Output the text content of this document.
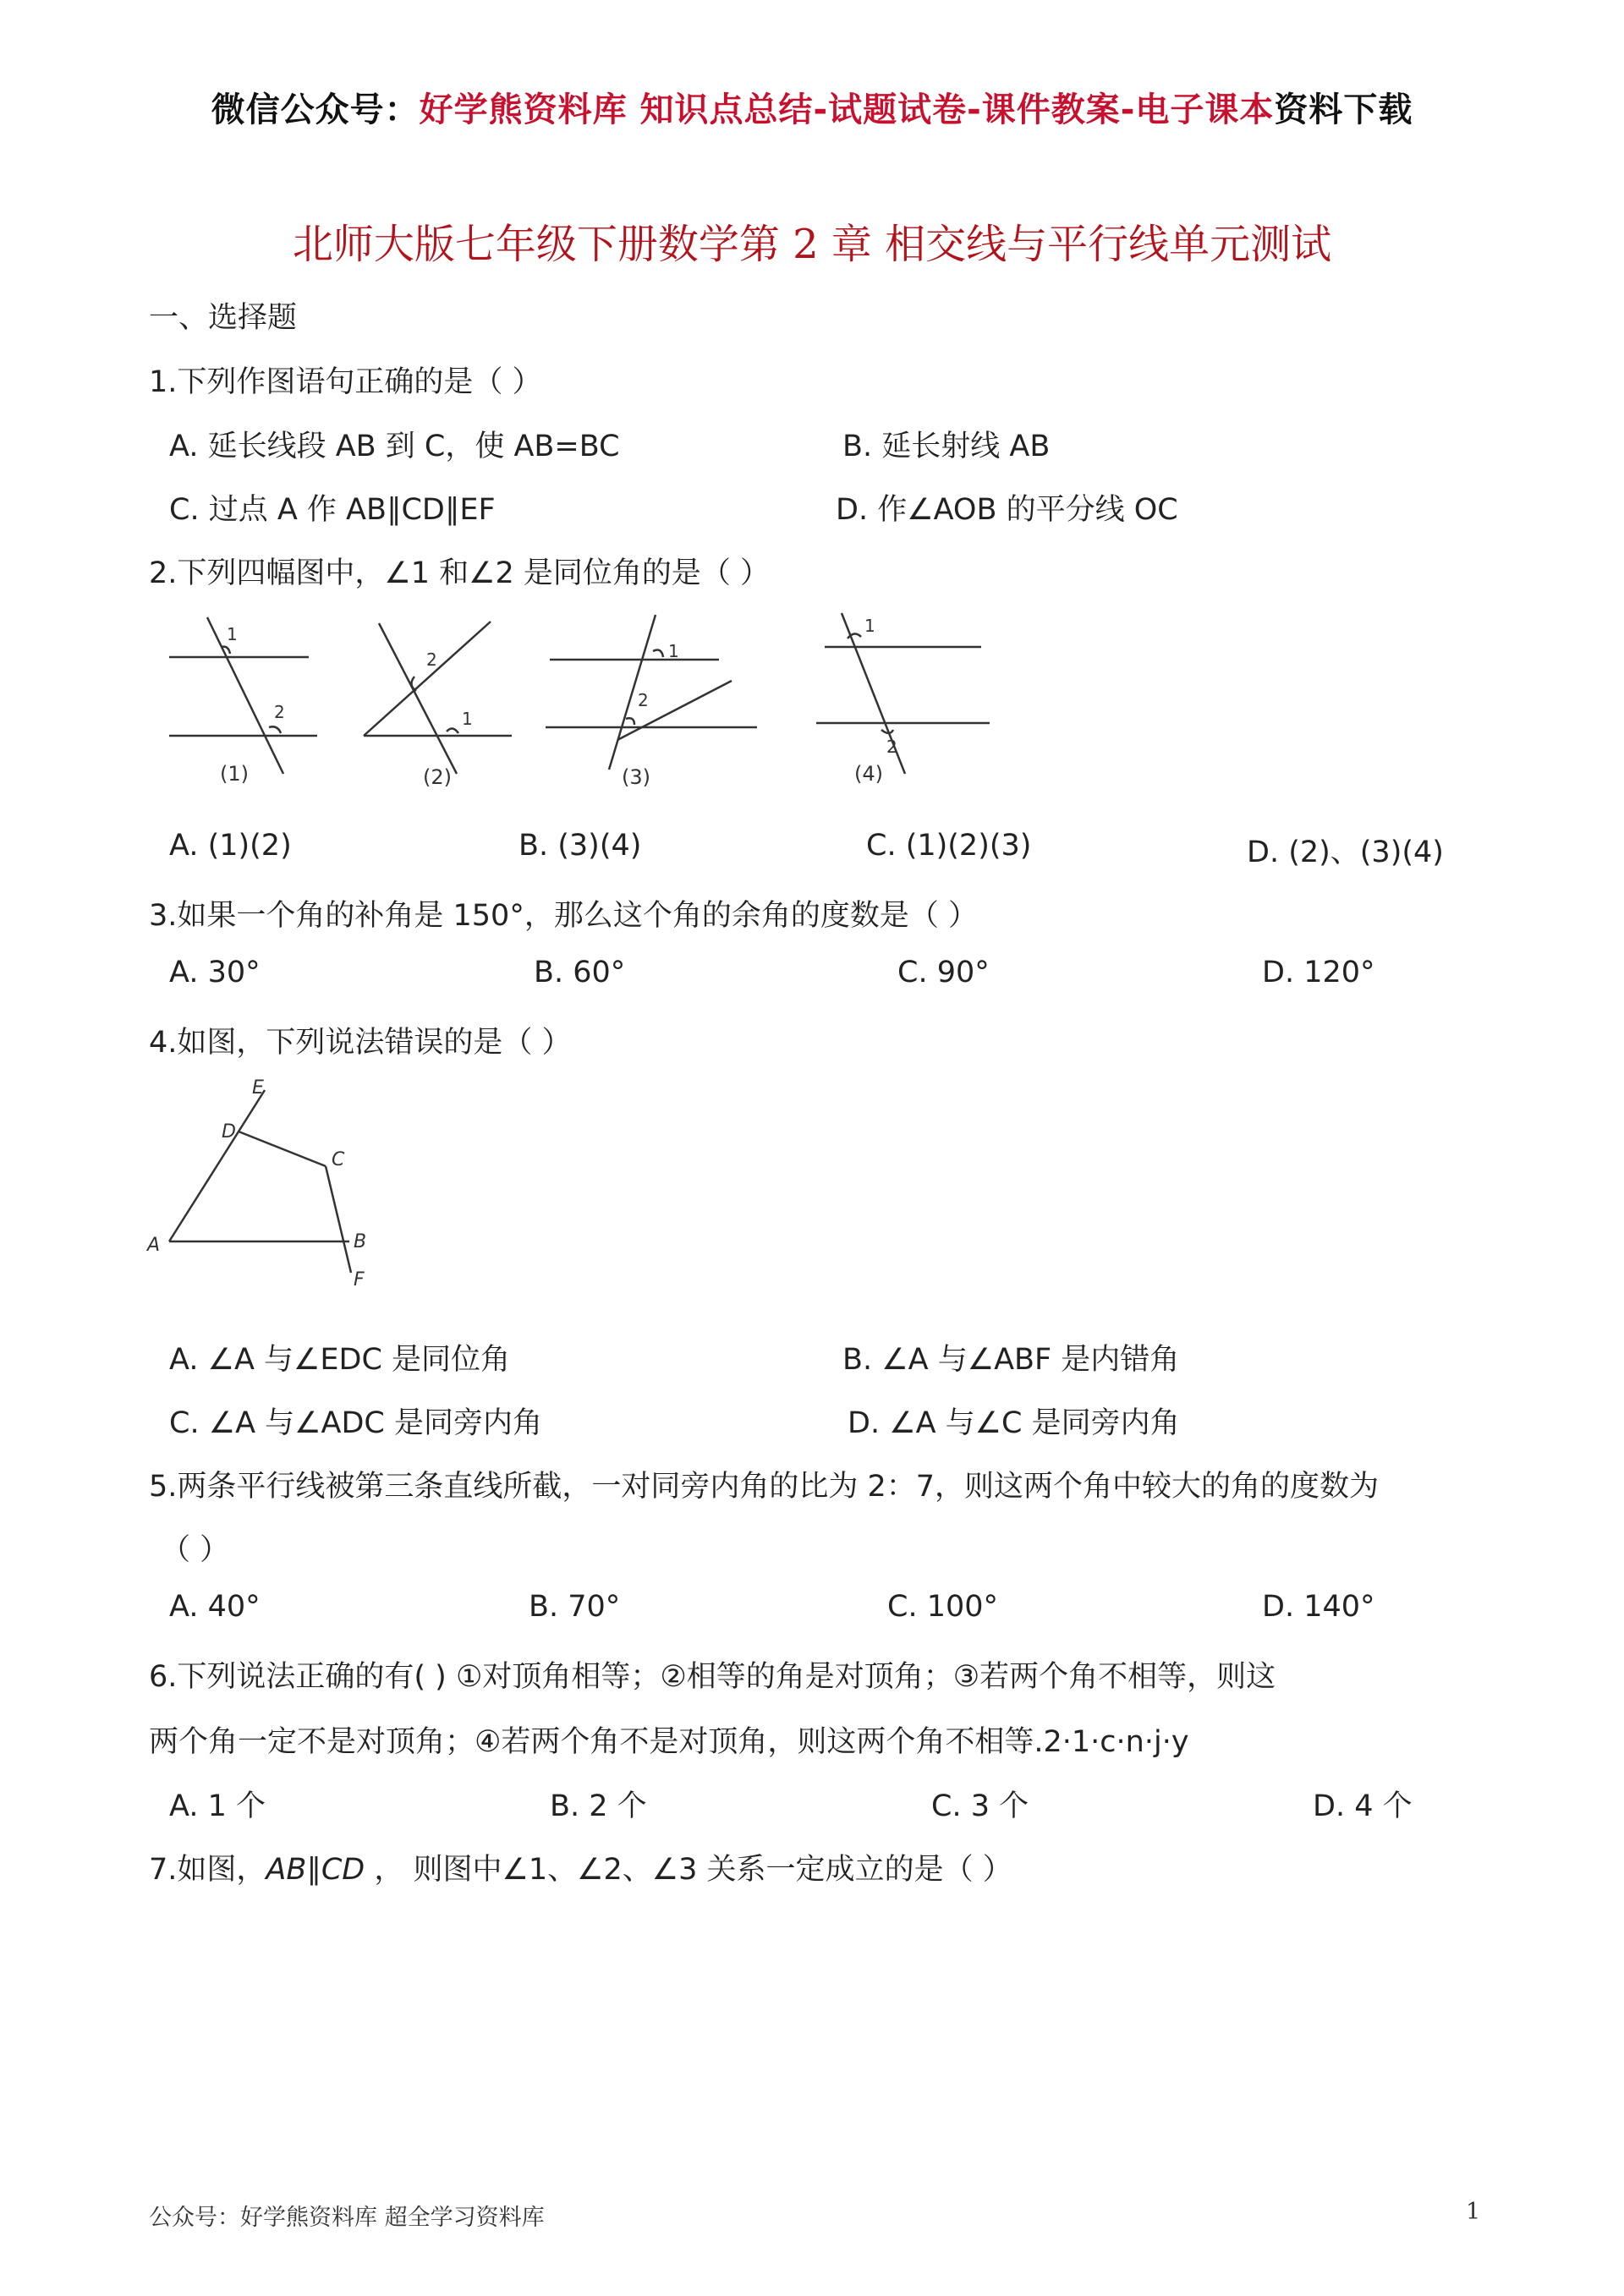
微信公众号：好学熊资料库 知识点总结-试题试卷-课件教案-电子课本资料下载
北师大版七年级下册数学第 2 章 相交线与平行线单元测试
一、选择题
1.下列作图语句正确的是（ ）
A. 延长线段 AB 到 C，使 AB=BC	B. 延长射线 AB
C. 过点 A 作 AB∥CD∥EF	D. 作∠AOB 的平分线 OC
2.下列四幅图中，∠1 和∠2 是同位角的是（ ）
1
2
2
1
1
2
1
2
(1)	(2)	(3)	(4)
A. (1)(2)	B. (3)(4)	C. (1)(2)(3)	D. (2)、(3)(4)
3.如果一个角的补角是 150°，那么这个角的余角的度数是（ ）
A. 30°	B. 60°	C. 90°	D. 120°
4.如图，下列说法错误的是（ ）
E
D
C
A	B
F
A. ∠A 与∠EDC 是同位角	B. ∠A 与∠ABF 是内错角
C. ∠A 与∠ADC 是同旁内角	D. ∠A 与∠C 是同旁内角
5.两条平行线被第三条直线所截，一对同旁内角的比为 2：7，则这两个角中较大的角的度数为
（ ）
A. 40°	B. 70°	C. 100°	D. 140°
6.下列说法正确的有( ) ①对顶角相等；②相等的角是对顶角；③若两个角不相等，则这
两个角一定不是对顶角；④若两个角不是对顶角，则这两个角不相等.2·1·c·n·j·y
A. 1 个	B. 2 个	C. 3 个	D. 4 个
7.如图，AB∥CD ， 则图中∠1、∠2、∠3 关系一定成立的是（ ）
公众号：好学熊资料库 超全学习资料库	1
